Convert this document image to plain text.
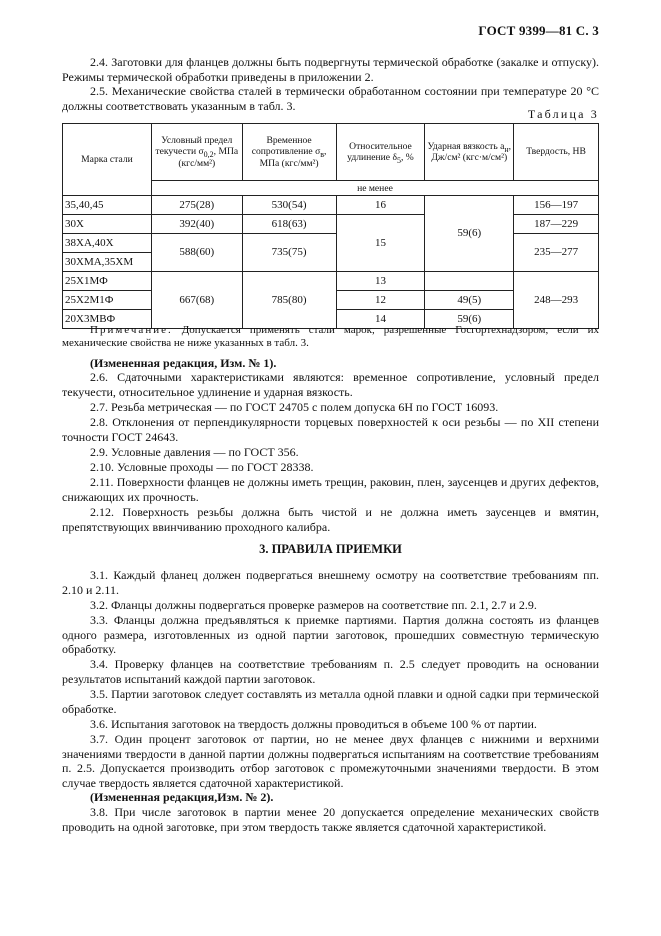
ГОСТ 9399—81 С. 3
2.4. Заготовки для фланцев должны быть подвергнуты термической обработке (закалке и отпуску). Режимы термической обработки приведены в приложении 2.
2.5. Механические свойства сталей в термически обработанном состоянии при температуре 20 °С должны соответствовать указанным в табл. 3.
Таблица 3
Марка стали	Условный предел текучести $\sigma_{0,2}$, МПа (кгс/мм²)	Временное сопротивление $\sigma_в$, МПа (кгс/мм²)	Относительное удлинение $\delta_5$, %	Ударная вязкость $a_н$, Дж/см² (кгс·м/см²)	Твердость, НВ
	не менее				
35,40,45	275(28)	530(54)	16	59(6)	156—197
30Х	392(40)	618(63)	15		187—229
38ХА,40Х	588(60)	735(75)			235—277
30ХМА,35ХМ					
25Х1МФ	667(68)	785(80)	13		248—293
25Х2М1Ф			12	49(5)	
20Х3МВФ			14	59(6)	
Примечание. Допускается применять стали марок, разрешенные Госгортехнадзором, если их механические свойства не ниже указанных в табл. 3.
(Измененная редакция, Изм. № 1).
2.6. Сдаточными характеристиками являются: временное сопротивление, условный предел текучести, относительное удлинение и ударная вязкость.
2.7. Резьба метрическая — по ГОСТ 24705 с полем допуска 6Н по ГОСТ 16093.
2.8. Отклонения от перпендикулярности торцевых поверхностей к оси резьбы — по XII степени точности ГОСТ 24643.
2.9. Условные давления — по ГОСТ 356.
2.10. Условные проходы — по ГОСТ 28338.
2.11. Поверхности фланцев не должны иметь трещин, раковин, плен, заусенцев и других дефектов, снижающих их прочность.
2.12. Поверхность резьбы должна быть чистой и не должна иметь заусенцев и вмятин, препятствующих ввинчиванию проходного калибра.
3. ПРАВИЛА ПРИЕМКИ
3.1. Каждый фланец должен подвергаться внешнему осмотру на соответствие требованиям пп. 2.10 и 2.11.
3.2. Фланцы должны подвергаться проверке размеров на соответствие пп. 2.1, 2.7 и 2.9.
3.3. Фланцы должна предъявляться к приемке партиями. Партия должна состоять из фланцев одного размера, изготовленных из одной партии заготовок, прошедших совместную термическую обработку.
3.4. Проверку фланцев на соответствие требованиям п. 2.5 следует проводить на основании результатов испытаний каждой партии заготовок.
3.5. Партии заготовок следует составлять из металла одной плавки и одной садки при термической обработке.
3.6. Испытания заготовок на твердость должны проводиться в объеме 100 % от партии.
3.7. Один процент заготовок от партии, но не менее двух фланцев с нижними и верхними значениями твердости в данной партии должны подвергаться испытаниям на соответствие требованиям п. 2.5. Допускается производить отбор заготовок с промежуточными значениями твердости. В этом случае твердость является сдаточной характеристикой.
(Измененная редакция,Изм. № 2).
3.8. При числе заготовок в партии менее 20 допускается определение механических свойств проводить на одной заготовке, при этом твердость также является сдаточной характеристикой.
